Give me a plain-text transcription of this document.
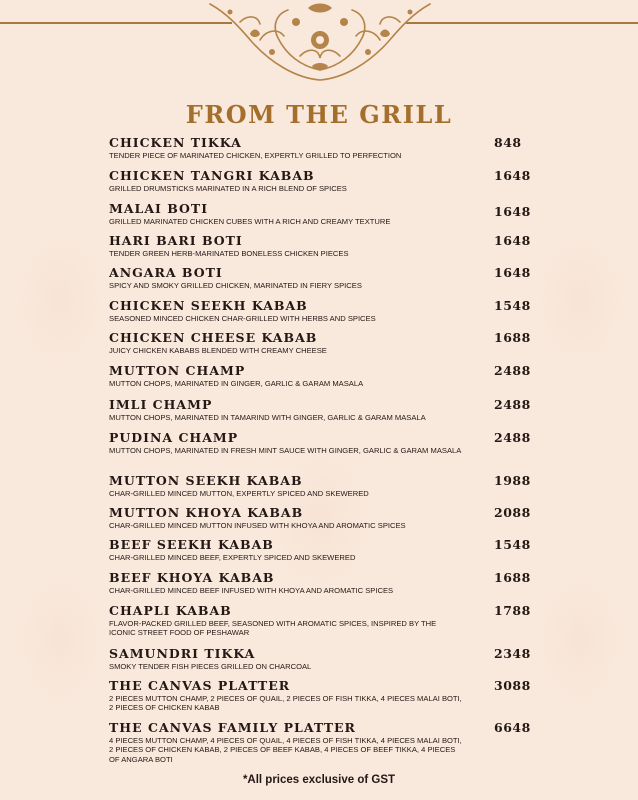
FROM THE GRILL
CHICKEN TIKKA
TENDER PIECE OF MARINATED CHICKEN, EXPERTLY GRILLED TO PERFECTION
848
CHICKEN TANGRI KABAB
GRILLED DRUMSTICKS MARINATED IN A RICH BLEND OF SPICES
1648
MALAI BOTI
GRILLED MARINATED CHICKEN CUBES WITH A RICH AND CREAMY TEXTURE
1648
HARI BARI BOTI
TENDER GREEN HERB-MARINATED BONELESS CHICKEN PIECES
1648
ANGARA BOTI
SPICY AND SMOKY GRILLED CHICKEN, MARINATED IN FIERY SPICES
1648
CHICKEN SEEKH KABAB
SEASONED MINCED CHICKEN CHAR-GRILLED WITH HERBS AND SPICES
1548
CHICKEN CHEESE KABAB
JUICY CHICKEN KABABS BLENDED WITH CREAMY CHEESE
1688
MUTTON CHAMP
MUTTON CHOPS, MARINATED IN GINGER, GARLIC & GARAM MASALA
2488
IMLI CHAMP
MUTTON CHOPS, MARINATED IN TAMARIND WITH GINGER, GARLIC & GARAM MASALA
2488
PUDINA CHAMP
MUTTON CHOPS, MARINATED IN FRESH MINT SAUCE WITH GINGER, GARLIC & GARAM MASALA
2488
MUTTON SEEKH KABAB
CHAR-GRILLED MINCED MUTTON, EXPERTLY SPICED AND SKEWERED
1988
MUTTON KHOYA KABAB
CHAR-GRILLED MINCED MUTTON INFUSED WITH KHOYA AND AROMATIC SPICES
2088
BEEF SEEKH KABAB
CHAR-GRILLED MINCED BEEF, EXPERTLY SPICED AND SKEWERED
1548
BEEF KHOYA KABAB
CHAR-GRILLED MINCED BEEF INFUSED WITH KHOYA AND AROMATIC SPICES
1688
CHAPLI KABAB
FLAVOR-PACKED GRILLED BEEF, SEASONED WITH AROMATIC SPICES, INSPIRED BY THE ICONIC STREET FOOD OF PESHAWAR
1788
SAMUNDRI TIKKA
SMOKY TENDER FISH PIECES GRILLED ON CHARCOAL
2348
THE CANVAS PLATTER
2 PIECES MUTTON CHAMP, 2 PIECES OF QUAIL, 2 PIECES OF FISH TIKKA, 4 PIECES MALAI BOTI, 2 PIECES OF CHICKEN KABAB
3088
THE CANVAS FAMILY PLATTER
4 PIECES MUTTON CHAMP, 4 PIECES OF QUAIL, 4 PIECES OF FISH TIKKA, 4 PIECES MALAI BOTI, 2 PIECES OF CHICKEN KABAB, 2 PIECES OF BEEF KABAB, 4 PIECES OF BEEF TIKKA, 4 PIECES OF ANGARA BOTI
6648
*All prices exclusive of GST
